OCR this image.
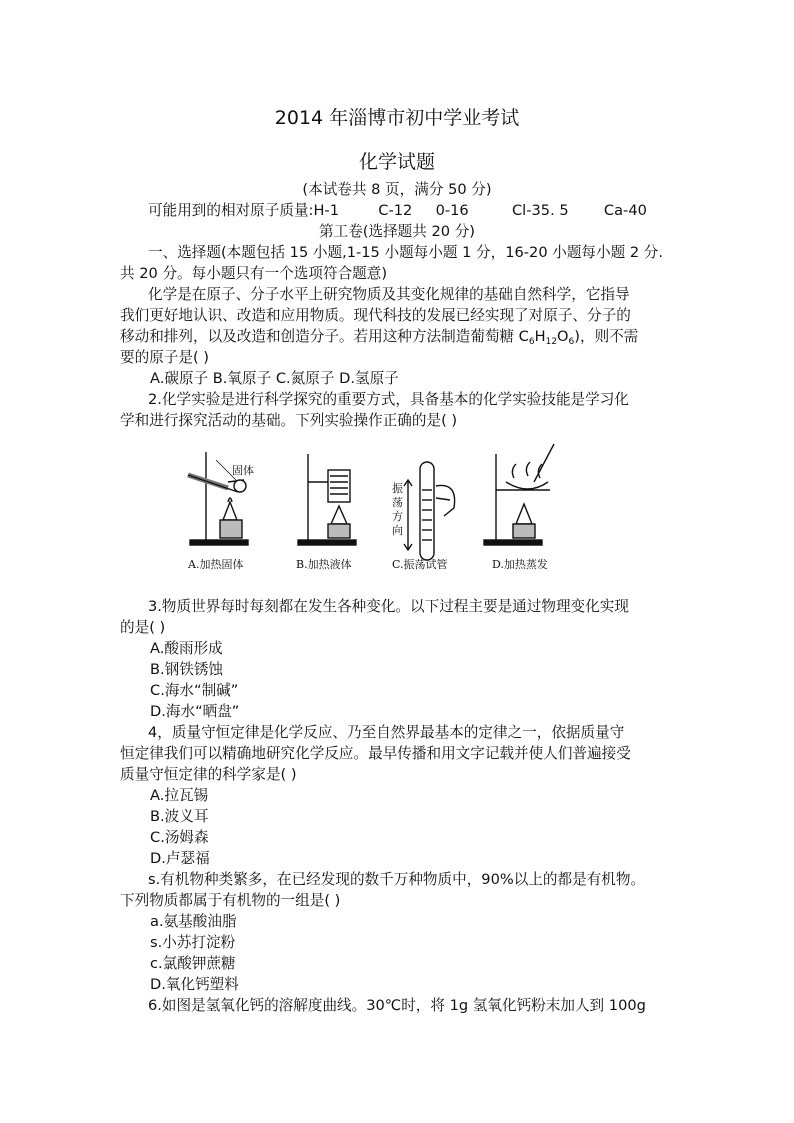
2014 年淄博市初中学业考试
化学试题
(本试卷共 8 页，满分 50 分)
可能用到的相对原子质量:H-1	C-12 0-16	Cl-35. 5 Ca-40
第工卷(选择题共 20 分)
一、选择题(本题包括 15 小题,1-15 小题每小题 1 分，16-20 小题每小题 2 分.
共 20 分。每小题只有一个选项符合题意)
化学是在原子、分子水平上研究物质及其变化规律的基础自然科学，它指导
我们更好地认识、改造和应用物质。现代科技的发展已经实现了对原子、分子的
移动和排列，以及改造和创造分子。若用这种方法制造葡萄糖 $C_6H_{12}O_6$)，则不需
要的原子是( )
A.碳原子 B.氧原子 C.氮原子 D.氢原子
2.化学实验是进行科学探究的重要方式，具备基本的化学实验技能是学习化
学和进行探究活动的基础。下列实验操作正确的是( )
固体
振
荡
方
向
A.加热固体	B.加热液体	C.振荡试管	D.加热蒸发
3.物质世界每时每刻都在发生各种变化。以下过程主要是通过物理变化实现
的是( )
A.酸雨形成
B.钢铁锈蚀
C.海水“制碱”
D.海水“晒盘”
4，质量守恒定律是化学反应、乃至自然界最基本的定律之一，依据质量守
恒定律我们可以精确地研究化学反应。最早传播和用文字记载并使人们普遍接受
质量守恒定律的科学家是( )
A.拉瓦锡
B.波义耳
C.汤姆森
D.卢瑟福
s.有机物种类繁多，在已经发现的数千万种物质中，90%以上的都是有机物。
下列物质都属于有机物的一组是( )
a.氨基酸油脂
s.小苏打淀粉
c.氯酸钾蔗糖
D.氧化钙塑料
6.如图是氢氧化钙的溶解度曲线。30℃时，将 1g 氢氧化钙粉末加人到 100g
